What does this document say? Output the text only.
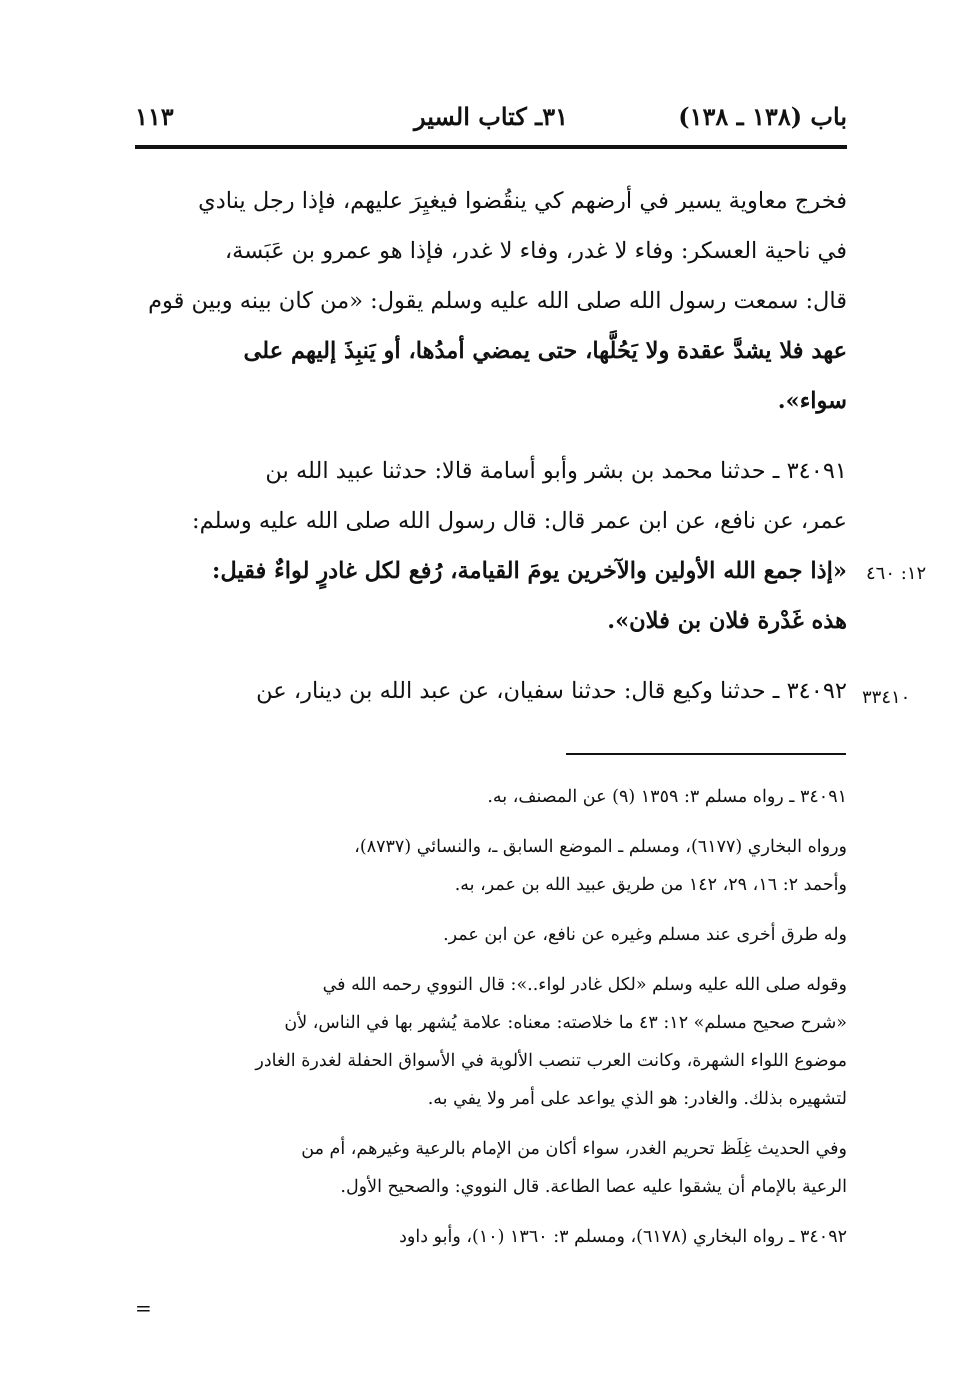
باب (١٣٨ ـ ١٣٨)
٣١ـ كتاب السير
١١٣
فخرج معاوية يسير في أرضهم كي ينقُضوا فيغيِرَ عليهم، فإذا رجل ينادي
في ناحية العسكر: وفاء لا غدر، وفاء لا غدر، فإذا هو عمرو بن عَبَسة،
قال: سمعت رسول الله صلى الله عليه وسلم يقول: «من كان بينه وبين قوم
عهد فلا يشدَّ عقدة ولا يَحُلَّها، حتى يمضي أمدُها، أو يَنبِذَ إليهم على
سواء».
٣٤٠٩١ ـ حدثنا محمد بن بشر وأبو أسامة قالا: حدثنا عبيد الله بن
عمر، عن نافع، عن ابن عمر قال: قال رسول الله صلى الله عليه وسلم:
«إذا جمع الله الأولين والآخرين يومَ القيامة، رُفع لكل غادرٍ لواءٌ فقيل:
هذه غَدْرة فلان بن فلان».
٣٤٠٩٢ ـ حدثنا وكيع قال: حدثنا سفيان، عن عبد الله بن دينار، عن
١٢: ٤٦٠
٣٣٤١٠
٣٤٠٩١ ـ رواه مسلم ٣: ١٣٥٩ (٩) عن المصنف، به.
ورواه البخاري (٦١٧٧)، ومسلم ـ الموضع السابق ـ، والنسائي (٨٧٣٧)،
وأحمد ٢: ١٦، ٢٩، ١٤٢ من طريق عبيد الله بن عمر، به.
وله طرق أخرى عند مسلم وغيره عن نافع، عن ابن عمر.
وقوله صلى الله عليه وسلم «لكل غادر لواء..»: قال النووي رحمه الله في
«شرح صحيح مسلم» ١٢: ٤٣ ما خلاصته: معناه: علامة يُشهر بها في الناس، لأن
موضوع اللواء الشهرة، وكانت العرب تنصب الألوية في الأسواق الحفلة لغدرة الغادر
لتشهيره بذلك. والغادر: هو الذي يواعد على أمر ولا يفي به.
وفي الحديث غِلَظ تحريم الغدر، سواء أكان من الإمام بالرعية وغيرهم، أم من
الرعية بالإمام أن يشقوا عليه عصا الطاعة. قال النووي: والصحيح الأول.
٣٤٠٩٢ ـ رواه البخاري (٦١٧٨)، ومسلم ٣: ١٣٦٠ (١٠)، وأبو داود
=
